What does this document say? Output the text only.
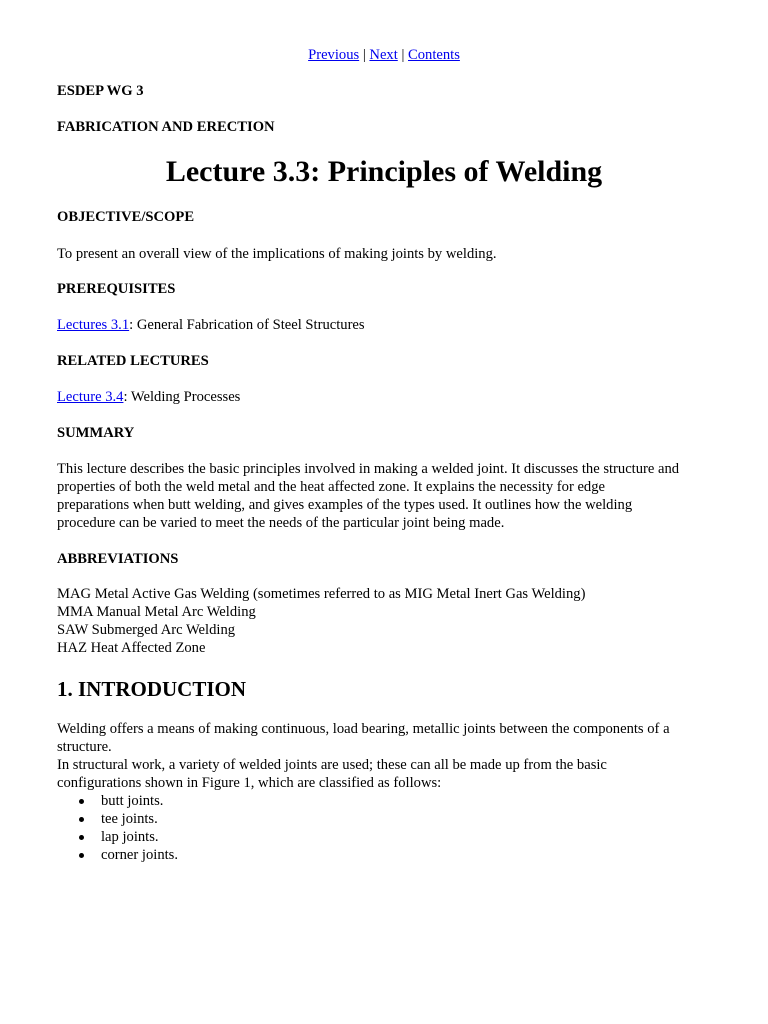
Previous | Next | Contents
ESDEP WG 3
FABRICATION AND ERECTION
Lecture 3.3: Principles of Welding
OBJECTIVE/SCOPE
To present an overall view of the implications of making joints by welding.
PREREQUISITES
Lectures 3.1: General Fabrication of Steel Structures
RELATED LECTURES
Lecture 3.4: Welding Processes
SUMMARY
This lecture describes the basic principles involved in making a welded joint. It discusses the structure and
properties of both the weld metal and the heat affected zone. It explains the necessity for edge
preparations when butt welding, and gives examples of the types used. It outlines how the welding
procedure can be varied to meet the needs of the particular joint being made.
ABBREVIATIONS
MAG Metal Active Gas Welding (sometimes referred to as MIG Metal Inert Gas Welding)
MMA Manual Metal Arc Welding
SAW Submerged Arc Welding
HAZ Heat Affected Zone
1. INTRODUCTION
Welding offers a means of making continuous, load bearing, metallic joints between the components of a
structure.
In structural work, a variety of welded joints are used; these can all be made up from the basic
configurations shown in Figure 1, which are classified as follows:
butt joints.
tee joints.
lap joints.
corner joints.
